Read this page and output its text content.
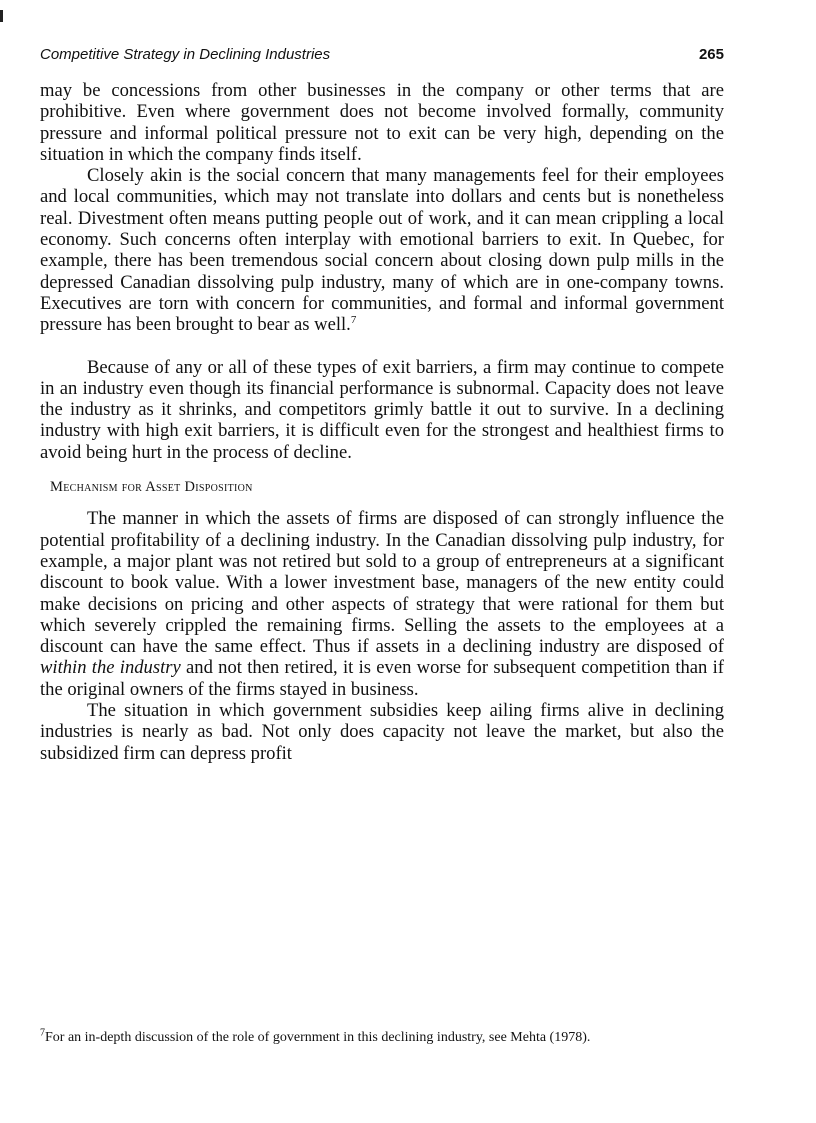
Competitive Strategy in Declining Industries	265

may be concessions from other businesses in the company or other terms that are prohibitive. Even where government does not become involved formally, community pressure and informal political pressure not to exit can be very high, depending on the situation in which the company finds itself.

Closely akin is the social concern that many managements feel for their employees and local communities, which may not translate into dollars and cents but is nonetheless real. Divestment often means putting people out of work, and it can mean crippling a local economy. Such concerns often interplay with emotional barriers to exit. In Quebec, for example, there has been tremendous social concern about closing down pulp mills in the depressed Canadian dissolving pulp industry, many of which are in one-company towns. Executives are torn with concern for communities, and formal and informal government pressure has been brought to bear as well.$^7$

Because of any or all of these types of exit barriers, a firm may continue to compete in an industry even though its financial performance is subnormal. Capacity does not leave the industry as it shrinks, and competitors grimly battle it out to survive. In a declining industry with high exit barriers, it is difficult even for the strongest and healthiest firms to avoid being hurt in the process of decline.

Mechanism for Asset Disposition

The manner in which the assets of firms are disposed of can strongly influence the potential profitability of a declining industry. In the Canadian dissolving pulp industry, for example, a major plant was not retired but sold to a group of entrepreneurs at a significant discount to book value. With a lower investment base, managers of the new entity could make decisions on pricing and other aspects of strategy that were rational for them but which severely crippled the remaining firms. Selling the assets to the employees at a discount can have the same effect. Thus if assets in a declining industry are disposed of within the industry and not then retired, it is even worse for subsequent competition than if the original owners of the firms stayed in business.

The situation in which government subsidies keep ailing firms alive in declining industries is nearly as bad. Not only does capacity not leave the market, but also the subsidized firm can depress profit

$^7$For an in-depth discussion of the role of government in this declining industry, see Mehta (1978).
